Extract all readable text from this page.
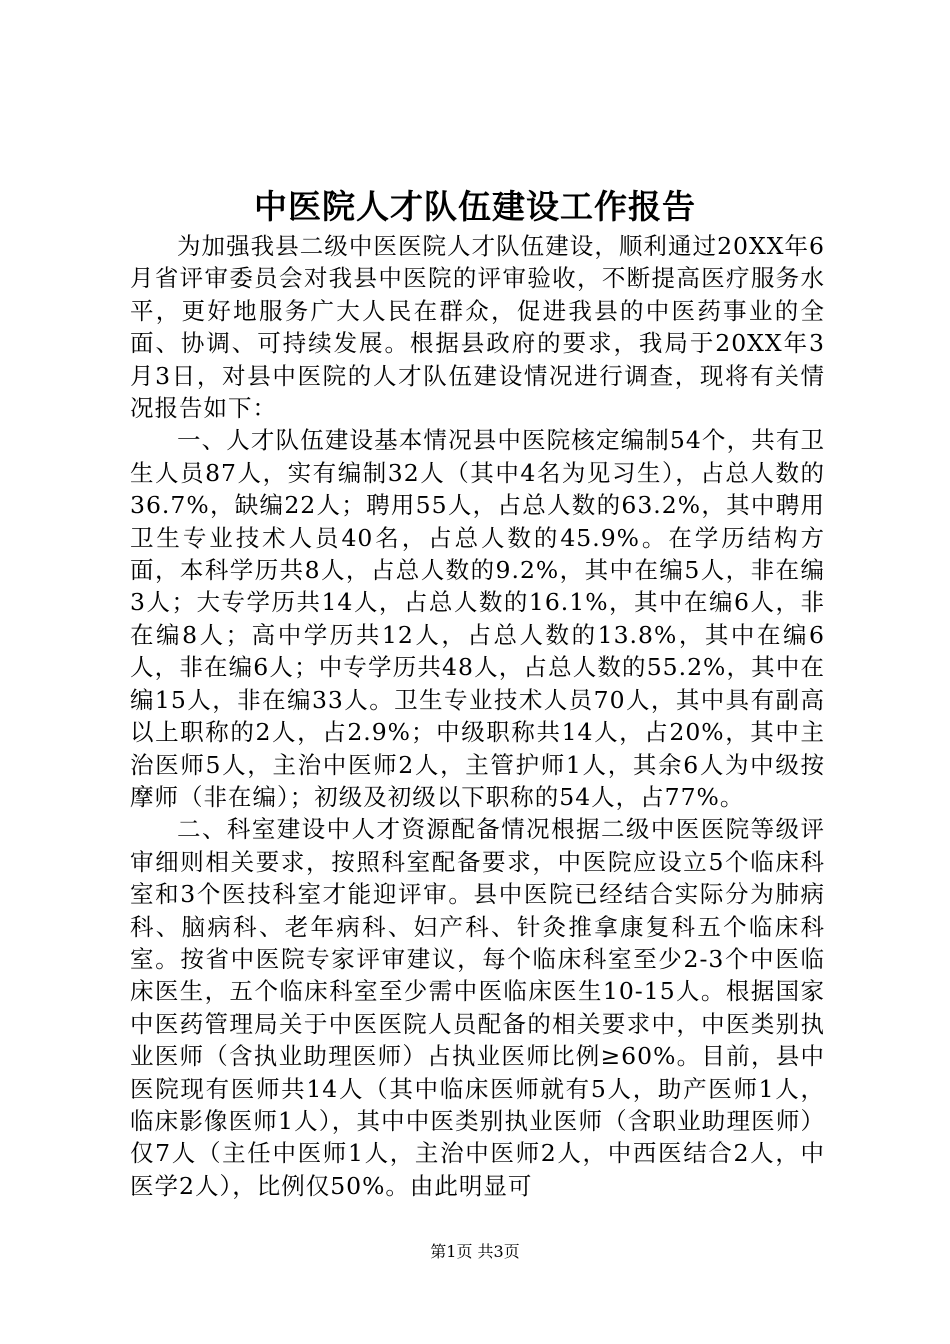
中医院人才队伍建设工作报告

为加强我县二级中医医院人才队伍建设，顺利通过20XX年6月省评审委员会对我县中医院的评审验收，不断提高医疗服务水平，更好地服务广大人民在群众，促进我县的中医药事业的全面、协调、可持续发展。根据县政府的要求，我局于20XX年3月3日，对县中医院的人才队伍建设情况进行调查，现将有关情况报告如下：

一、人才队伍建设基本情况县中医院核定编制54个，共有卫生人员87人，实有编制32人（其中4名为见习生），占总人数的36.7%，缺编22人；聘用55人，占总人数的63.2%，其中聘用卫生专业技术人员40名，占总人数的45.9%。在学历结构方面，本科学历共8人，占总人数的9.2%，其中在编5人，非在编3人；大专学历共14人，占总人数的16.1%，其中在编6人，非在编8人；高中学历共12人，占总人数的13.8%，其中在编6人，非在编6人；中专学历共48人，占总人数的55.2%，其中在编15人，非在编33人。卫生专业技术人员70人，其中具有副高以上职称的2人，占2.9%；中级职称共14人，占20%，其中主治医师5人，主治中医师2人，主管护师1人，其余6人为中级按摩师（非在编）；初级及初级以下职称的54人，占77%。

二、科室建设中人才资源配备情况根据二级中医医院等级评审细则相关要求，按照科室配备要求，中医院应设立5个临床科室和3个医技科室才能迎评审。县中医院已经结合实际分为肺病科、脑病科、老年病科、妇产科、针灸推拿康复科五个临床科室。按省中医院专家评审建议，每个临床科室至少2-3个中医临床医生，五个临床科室至少需中医临床医生10-15人。根据国家中医药管理局关于中医医院人员配备的相关要求中，中医类别执业医师（含执业助理医师）占执业医师比例≥60%。目前，县中医院现有医师共14人（其中临床医师就有5人，助产医师1人，临床影像医师1人），其中中医类别执业医师（含职业助理医师）仅7人（主任中医师1人，主治中医师2人，中西医结合2人，中医学2人），比例仅50%。由此明显可

第1页 共3页
